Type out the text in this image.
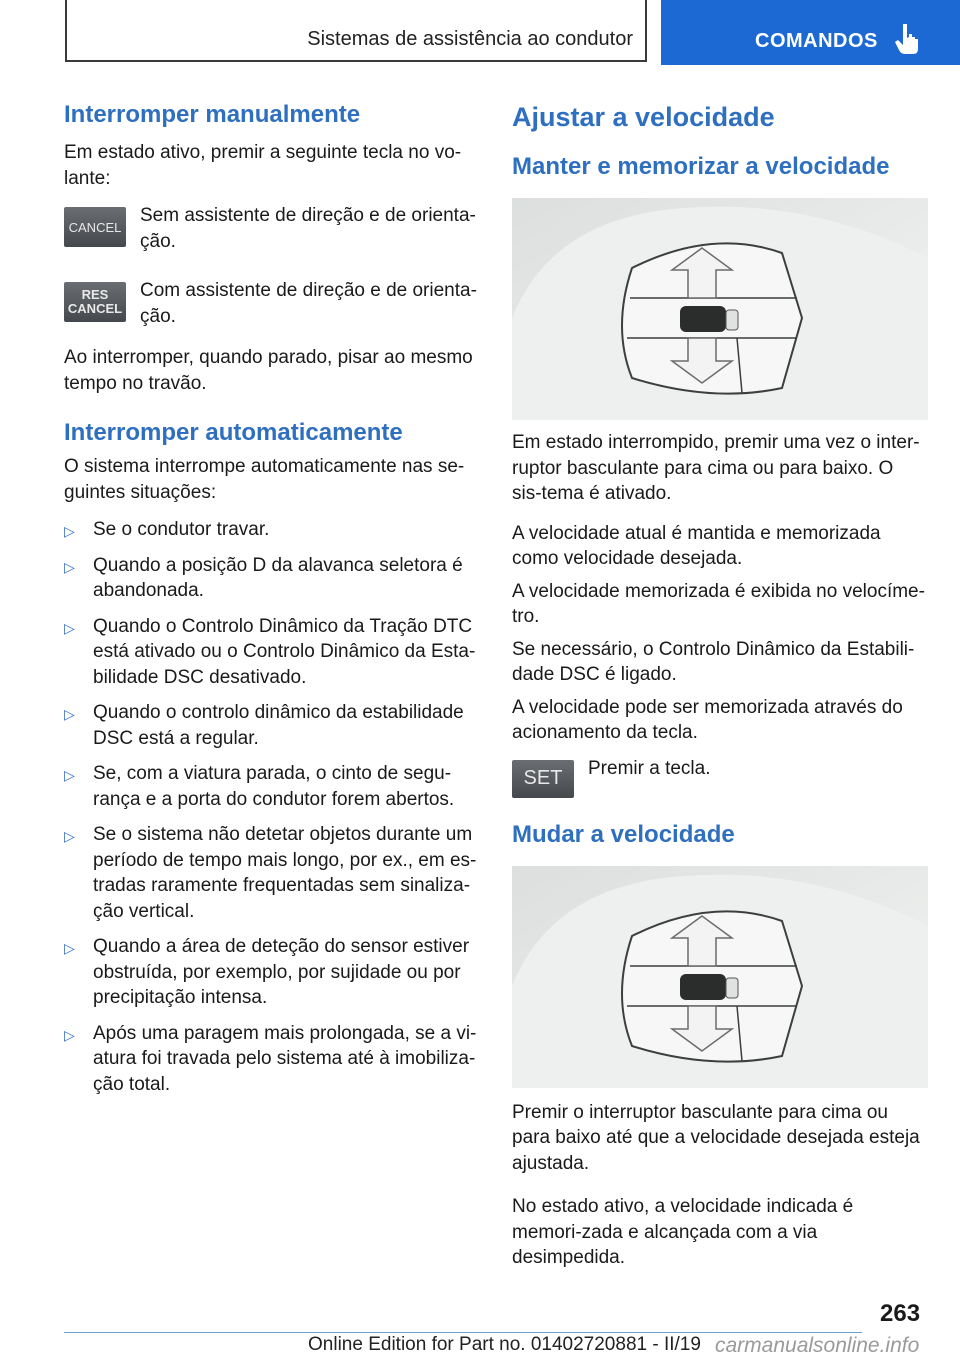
Sistemas de assistência ao condutor	COMANDOS
Interromper manualmente

Em estado ativo, premir a seguinte tecla no vo-lante:

CANCEL

Sem assistente de direção e de orienta-ção.

RES
CANCEL

Com assistente de direção e de orienta-ção.

Ao interromper, quando parado, pisar ao mesmo tempo no travão.

Interromper automaticamente

O sistema interrompe automaticamente nas se-guintes situações:

▷ Se o condutor travar.
▷ Quando a posição D da alavanca seletora é abandonada.
▷ Quando o Controlo Dinâmico da Tração DTC está ativado ou o Controlo Dinâmico da Esta-bilidade DSC desativado.
▷ Quando o controlo dinâmico da estabilidade DSC está a regular.
▷ Se, com a viatura parada, o cinto de segu-rança e a porta do condutor forem abertos.
▷ Se o sistema não detetar objetos durante um período de tempo mais longo, por ex., em es-tradas raramente frequentadas sem sinaliza-ção vertical.
▷ Quando a área de deteção do sensor estiver obstruída, por exemplo, por sujidade ou por precipitação intensa.
▷ Após uma paragem mais prolongada, se a vi-atura foi travada pelo sistema até à imobiliza-ção total.
Ajustar a velocidade
Manter e memorizar a velocidade

Em estado interrompido, premir uma vez o inter-ruptor basculante para cima ou para baixo. O sis-tema é ativado.

A velocidade atual é mantida e memorizada como velocidade desejada.

A velocidade memorizada é exibida no velocíme-tro.

Se necessário, o Controlo Dinâmico da Estabili-dade DSC é ligado.

A velocidade pode ser memorizada através do acionamento da tecla.

SET Premir a tecla.

Mudar a velocidade

Premir o interruptor basculante para cima ou para baixo até que a velocidade desejada esteja ajustada.

No estado ativo, a velocidade indicada é memori-zada e alcançada com a via desimpedida.

263
Online Edition for Part no. 01402720881 - II/19 carmanualsonline.info
